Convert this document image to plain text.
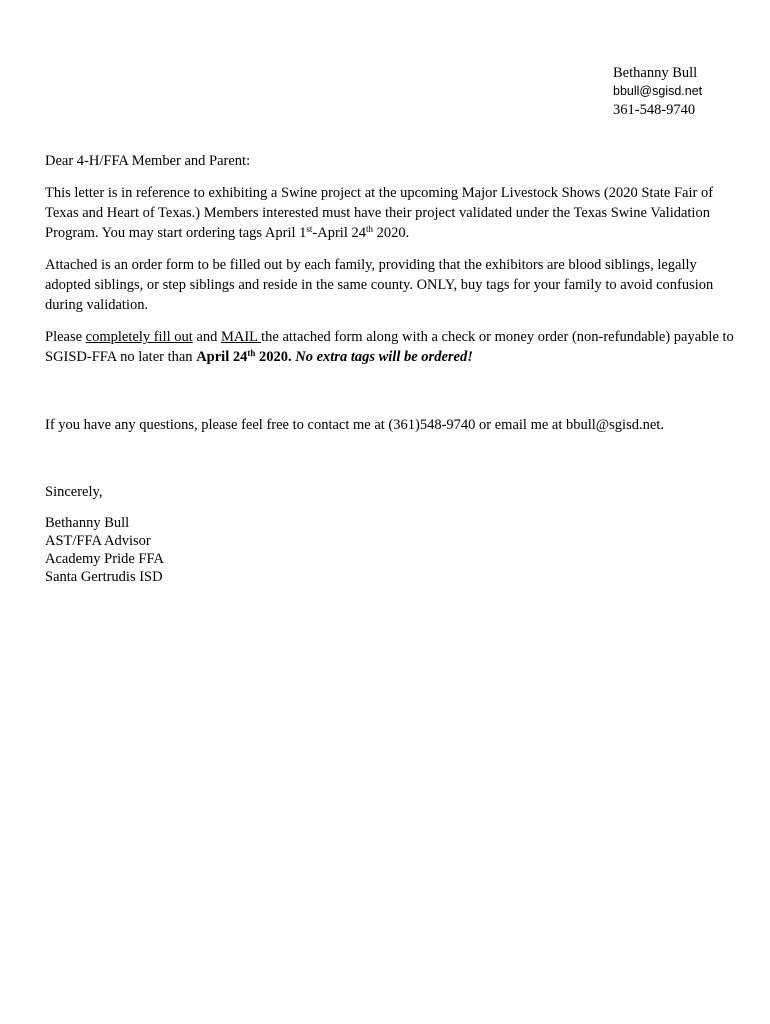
Bethanny Bull
bbull@sgisd.net
361-548-9740

Dear 4-H/FFA Member and Parent:

This letter is in reference to exhibiting a Swine project at the upcoming Major Livestock Shows (2020 State Fair of Texas and Heart of Texas.) Members interested must have their project validated under the Texas Swine Validation Program. You may start ordering tags April 1st-April 24th 2020.

Attached is an order form to be filled out by each family, providing that the exhibitors are blood siblings, legally adopted siblings, or step siblings and reside in the same county. ONLY, buy tags for your family to avoid confusion during validation.

Please completely fill out and MAIL the attached form along with a check or money order (non-refundable) payable to SGISD-FFA no later than April 24th 2020. No extra tags will be ordered!

If you have any questions, please feel free to contact me at (361)548-9740 or email me at bbull@sgisd.net.

Sincerely,

Bethanny Bull
AST/FFA Advisor
Academy Pride FFA
Santa Gertrudis ISD
